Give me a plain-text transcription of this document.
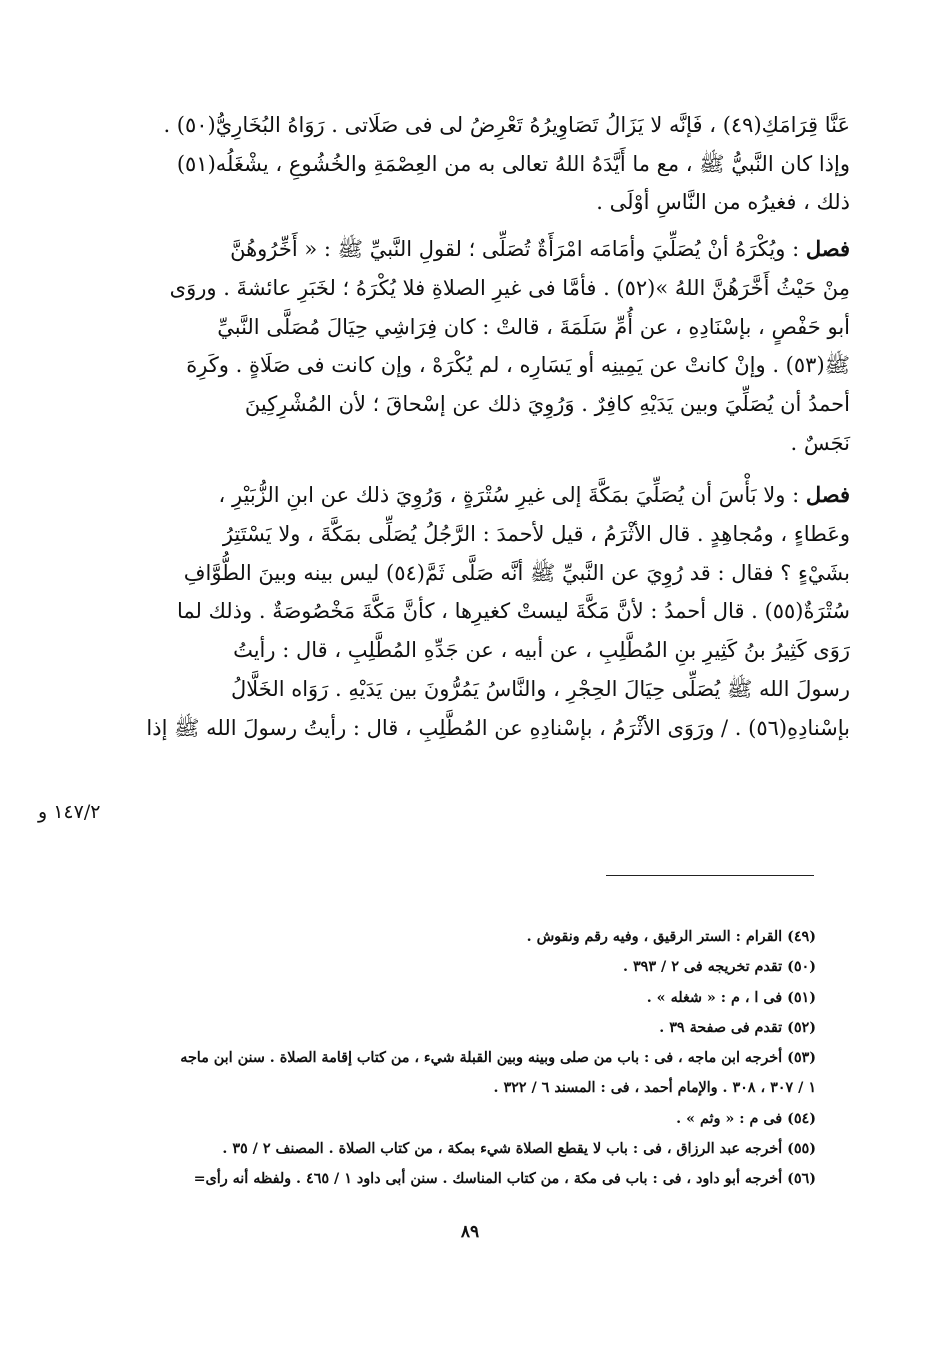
عَنَّا قِرَامَكِ(٤٩) ، فَإنَّه لا يَزَالُ تَصَاوِيرُهُ تَعْرِضُ لى فى صَلَاتى . رَوَاهُ البُخَارِيُّ(٥٠) .

وإذا كان النَّبيُّ ﷺ ، مع ما أَيَّدَهُ اللهُ تعالى به من العِصْمَةِ والخُشُوعِ ، يشْغَلُه(٥١)

ذلك ، فغيرُه من النَّاسِ أوْلَى .

فصل : ويُكْرَهُ أنْ يُصَلِّيَ وأمَامَه امْرَأَةٌ تُصَلِّى ؛ لقولِ النَّبيِّ ﷺ : « أَخِّرُوهُنَّ

مِنْ حَيْثُ أَخَّرَهُنَّ اللهُ »(٥٢) . فأمَّا فى غيرِ الصلاةِ فلا يُكْرَهُ ؛ لخَبَرِ عائشةَ . وروَى

أبو حَفْصٍ ، بإسْنَادِهِ ، عن أُمِّ سَلَمَةَ ، قالتْ : كان فِرَاشِي حِيَالَ مُصَلَّى النَّبيِّ

ﷺ(٥٣) . وإنْ كانتْ عن يَمِينِه أو يَسَارِه ، لم يُكْرَهْ ، وإن كانت فى صَلَاةٍ . وكَرِهَ

أحمدُ أن يُصَلِّيَ وبين يَدَيْهِ كافِرٌ . وَرُوِيَ ذلك عن إسْحاقَ ؛ لأن المُشْرِكِينَ

نَجَسٌ .

فصل : ولا بَأْسَ أن يُصَلِّيَ بمَكَّةَ إلى غيرِ سُتْرَةٍ ، وَرُوِيَ ذلك عن ابنِ الزُّبَيْرِ ،

وعَطاءٍ ، ومُجاهِدٍ . قال الأثْرَمُ ، قيل لأحمدَ : الرَّجُلُ يُصَلِّى بمَكَّةَ ، ولا يَسْتَتِرُ

بشَيْءٍ ؟ فقال : قد رُوِيَ عن النَّبيِّ ﷺ أنَّه صَلَّى ثَمَّ(٥٤) ليس بينه وبينَ الطُّوَّافِ

سُتْرَةٌ(٥٥) . قال أحمدُ : لأنَّ مَكَّةَ ليستْ كغيرِها ، كأنَّ مَكَّةَ مَخْصُوصَةٌ . وذلك لما

رَوَى كَثِيرُ بنُ كَثِيرِ بنِ المُطَّلِبِ ، عن أبيه ، عن جَدِّهِ المُطَّلِبِ ، قال : رأيتُ

رسولَ الله ﷺ يُصَلِّى حِيَالَ الحِجْرِ ، والنَّاسُ يَمُرُّونَ بين يَدَيْهِ . رَوَاه الخَلَّالُ

بإسْنادِهِ(٥٦) . / ورَوَى الأثْرَمُ ، بإسْنادِهِ عن المُطَّلِبِ ، قال : رأيتُ رسولَ الله ﷺ إذا

١٤٧/٢ و

(٤٩) القرام : الستر الرقيق ، وفيه رقم ونقوش .

(٥٠) تقدم تخريجه فى ٢ / ٣٩٣ .

(٥١) فى ا ، م : « شغله » .

(٥٢) تقدم فى صفحة ٣٩ .

(٥٣) أخرجه ابن ماجه ، فى : باب من صلى وبينه وبين القبلة شيء ، من كتاب إقامة الصلاة . سنن ابن ماجه

١ / ٣٠٧ ، ٣٠٨ . والإمام أحمد ، فى : المسند ٦ / ٣٢٢ .

(٥٤) فى م : « وثم » .

(٥٥) أخرجه عبد الرزاق ، فى : باب لا يقطع الصلاة شيء بمكة ، من كتاب الصلاة . المصنف ٢ / ٣٥ .

(٥٦) أخرجه أبو داود ، فى : باب فى مكة ، من كتاب المناسك . سنن أبى داود ١ / ٤٦٥ . ولفظه أنه رأى=

٨٩
